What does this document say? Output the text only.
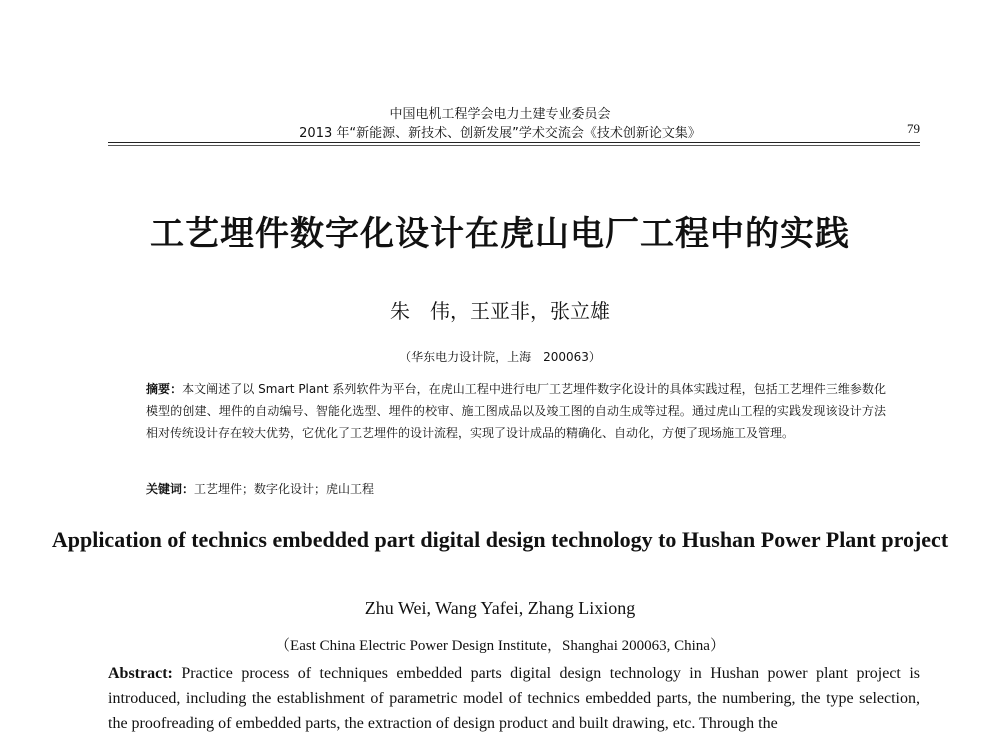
中国电机工程学会电力土建专业委员会
2013 年“新能源、新技术、创新发展”学术交流会《技术创新论文集》	79
工艺埋件数字化设计在虎山电厂工程中的实践
朱　伟，王亚非，张立雄
（华东电力设计院，上海　200063）
摘要：本文阐述了以 Smart Plant 系列软件为平台，在虎山工程中进行电厂工艺埋件数字化设计的具体实践过程，包括工艺埋件三维参数化模型的创建、埋件的自动编号、智能化选型、埋件的校审、施工图成品以及竣工图的自动生成等过程。通过虎山工程的实践发现该设计方法相对传统设计存在较大优势，它优化了工艺埋件的设计流程，实现了设计成品的精确化、自动化，方便了现场施工及管理。
关键词：工艺埋件；数字化设计；虎山工程
Application of technics embedded part digital design technology to Hushan Power Plant project
Zhu Wei, Wang Yafei, Zhang Lixiong
（East China Electric Power Design Institute，Shanghai 200063, China）
Abstract: Practice process of techniques embedded parts digital design technology in Hushan power plant project is introduced, including the establishment of parametric model of technics embedded parts, the numbering, the type selection, the proofreading of embedded parts, the extraction of design product and built drawing, etc. Through the
